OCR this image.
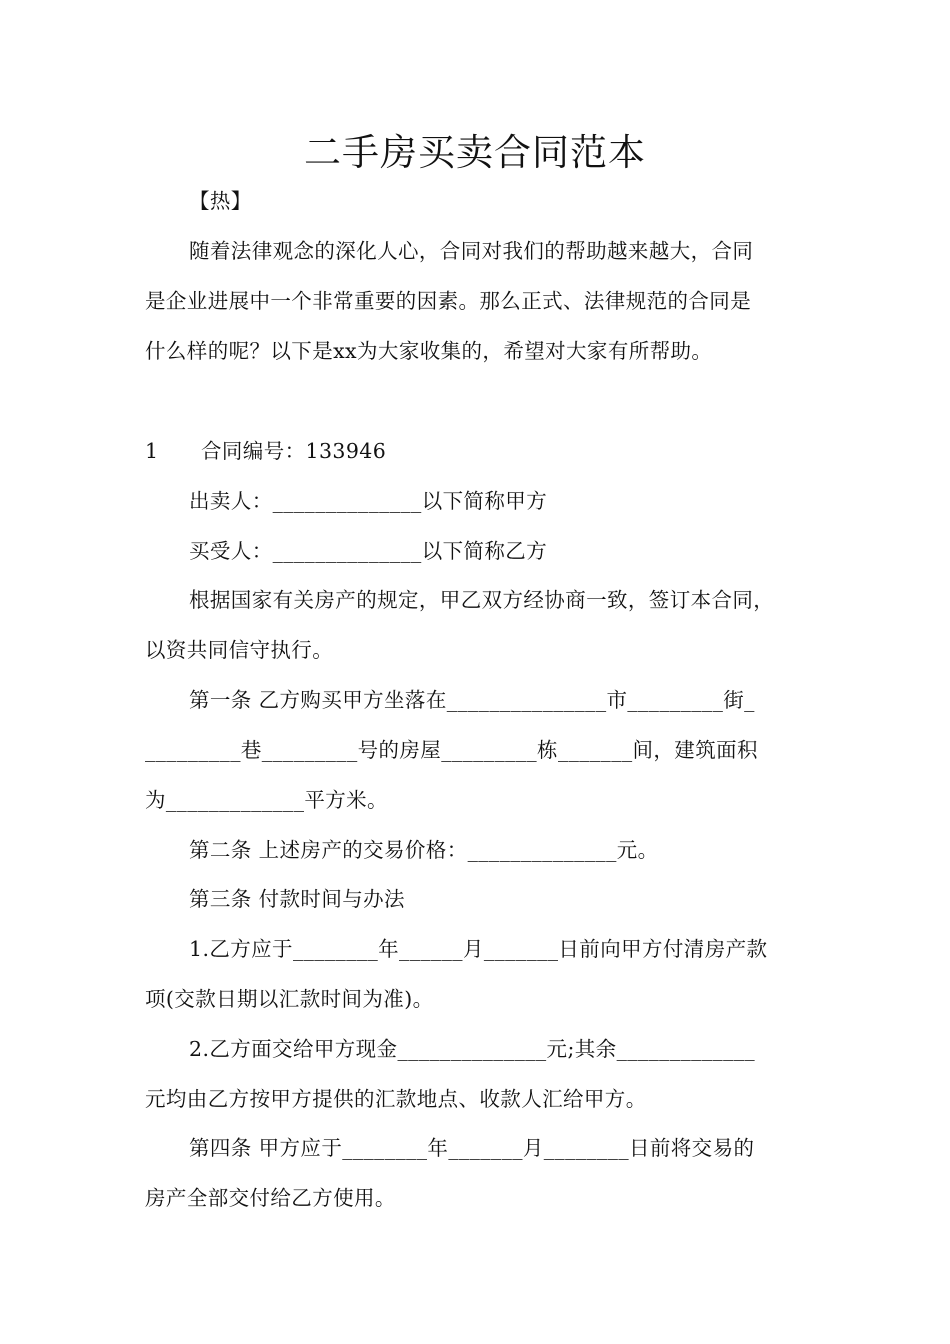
二手房买卖合同范本
【热】
随着法律观念的深化人心，合同对我们的帮助越来越大，合同
是企业进展中一个非常重要的因素。那么正式、法律规范的合同是
什么样的呢？以下是xx为大家收集的，希望对大家有所帮助。
1 合同编号：133946
出卖人：______________以下简称甲方
买受人：______________以下简称乙方
根据国家有关房产的规定，甲乙双方经协商一致，签订本合同，
以资共同信守执行。
第一条 乙方购买甲方坐落在_______________市_________街_
_________巷_________号的房屋_________栋_______间，建筑面积
为_____________平方米。
第二条 上述房产的交易价格：______________元。
第三条 付款时间与办法
1.乙方应于________年______月_______日前向甲方付清房产款
项(交款日期以汇款时间为准)。
2.乙方面交给甲方现金______________元;其余_____________
元均由乙方按甲方提供的汇款地点、收款人汇给甲方。
第四条 甲方应于________年_______月________日前将交易的
房产全部交付给乙方使用。
